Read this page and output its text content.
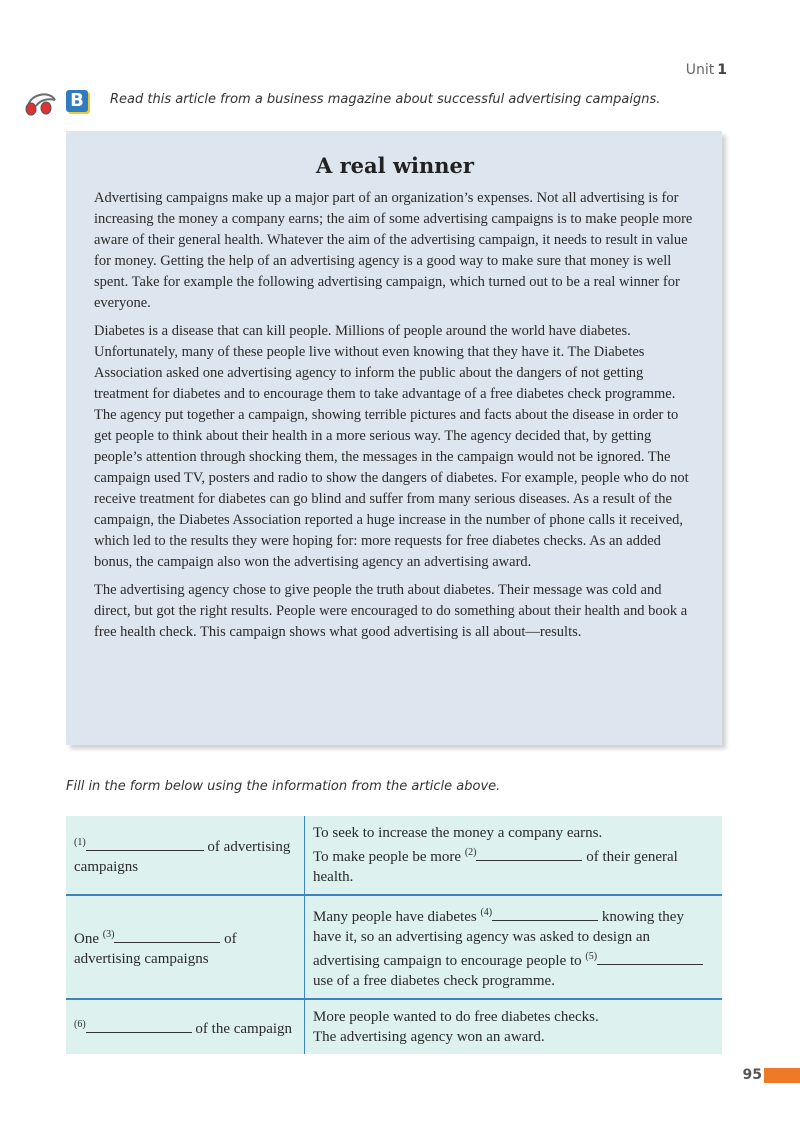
Unit 1
B	Read this article from a business magazine about successful advertising campaigns.
A real winner

Advertising campaigns make up a major part of an organization’s expenses. Not all advertising is for increasing the money a company earns; the aim of some advertising campaigns is to make people more aware of their general health. Whatever the aim of the advertising campaign, it needs to result in value for money. Getting the help of an advertising agency is a good way to make sure that money is well spent. Take for example the following advertising campaign, which turned out to be a real winner for everyone.

Diabetes is a disease that can kill people. Millions of people around the world have diabetes. Unfortunately, many of these people live without even knowing that they have it. The Diabetes Association asked one advertising agency to inform the public about the dangers of not getting treatment for diabetes and to encourage them to take advantage of a free diabetes check programme. The agency put together a campaign, showing terrible pictures and facts about the disease in order to get people to think about their health in a more serious way. The agency decided that, by getting people’s attention through shocking them, the messages in the campaign would not be ignored. The campaign used TV, posters and radio to show the dangers of diabetes. For example, people who do not receive treatment for diabetes can go blind and suffer from many serious diseases. As a result of the campaign, the Diabetes Association reported a huge increase in the number of phone calls it received, which led to the results they were hoping for: more requests for free diabetes checks. As an added bonus, the campaign also won the advertising agency an advertising award.

The advertising agency chose to give people the truth about diabetes. Their message was cold and direct, but got the right results. People were encouraged to do something about their health and book a free health check. This campaign shows what good advertising is all about—results.

Fill in the form below using the information from the article above.
$^{(1)}$ of advertising campaigns	To seek to increase the money a company earns.
To make people be more $^{(2)}$ of their general health.
One $^{(3)}$ of advertising campaigns	Many people have diabetes $^{(4)}$ knowing they have it, so an advertising agency was asked to design an advertising campaign to encourage people to $^{(5)}$ use of a free diabetes check programme.
$^{(6)}$ of the campaign	More people wanted to do free diabetes checks.
The advertising agency won an award.
95
